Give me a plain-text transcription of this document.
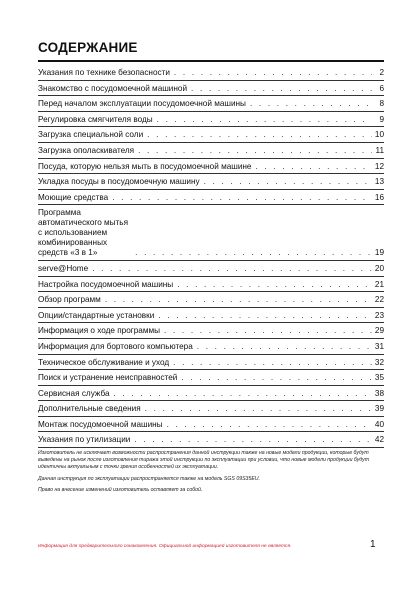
СОДЕРЖАНИЕ
Указания по технике безопасности . . .	2
Знакомство с посудомоечной машиной . . .	6
Перед началом эксплуатации посудомоечной машины . . .	8
Регулировка смягчителя воды . . .	9
Загрузка специальной соли . . .	10
Загрузка ополаскивателя . . .	11
Посуда, которую нельзя мыть в посудомоечной машине . . .	12
Укладка посуды в посудомоечную машину . . .	13
Моющие средства . . .	16
Программа автоматического мытья с использованием комбинированных средств «3 в 1» . . .	19
serve@Home . . .	20
Настройка посудомоечной машины . . .	21
Обзор программ . . .	22
Опции/стандартные установки . . .	23
Информация о ходе программы . . .	29
Информация для бортового компьютера . . .	31
Техническое обслуживание и уход . . .	32
Поиск и устранение неисправностей . . .	35
Сервисная служба . . .	38
Дополнительные сведения . . .	39
Монтаж посудомоечной машины . . .	40
Указания по утилизации . . .	42

Изготовитель не исключает возможности распространения данной инструкции также на новые модели продукции, которые будут выведены на рынок после изготовления тиража этой инструкции по эксплуатации при условии, что новые модели продукции будут идентичны актуальным с точки зрения особенностей их эксплуатации.

Данная инструкция по эксплуатации распространяется также на модель SGS 09S35EU.

Право на внесение изменений изготовитель оставляет за собой.

Информация для предварительного ознакомления. Официальной информацией изготовителя не является.	1
